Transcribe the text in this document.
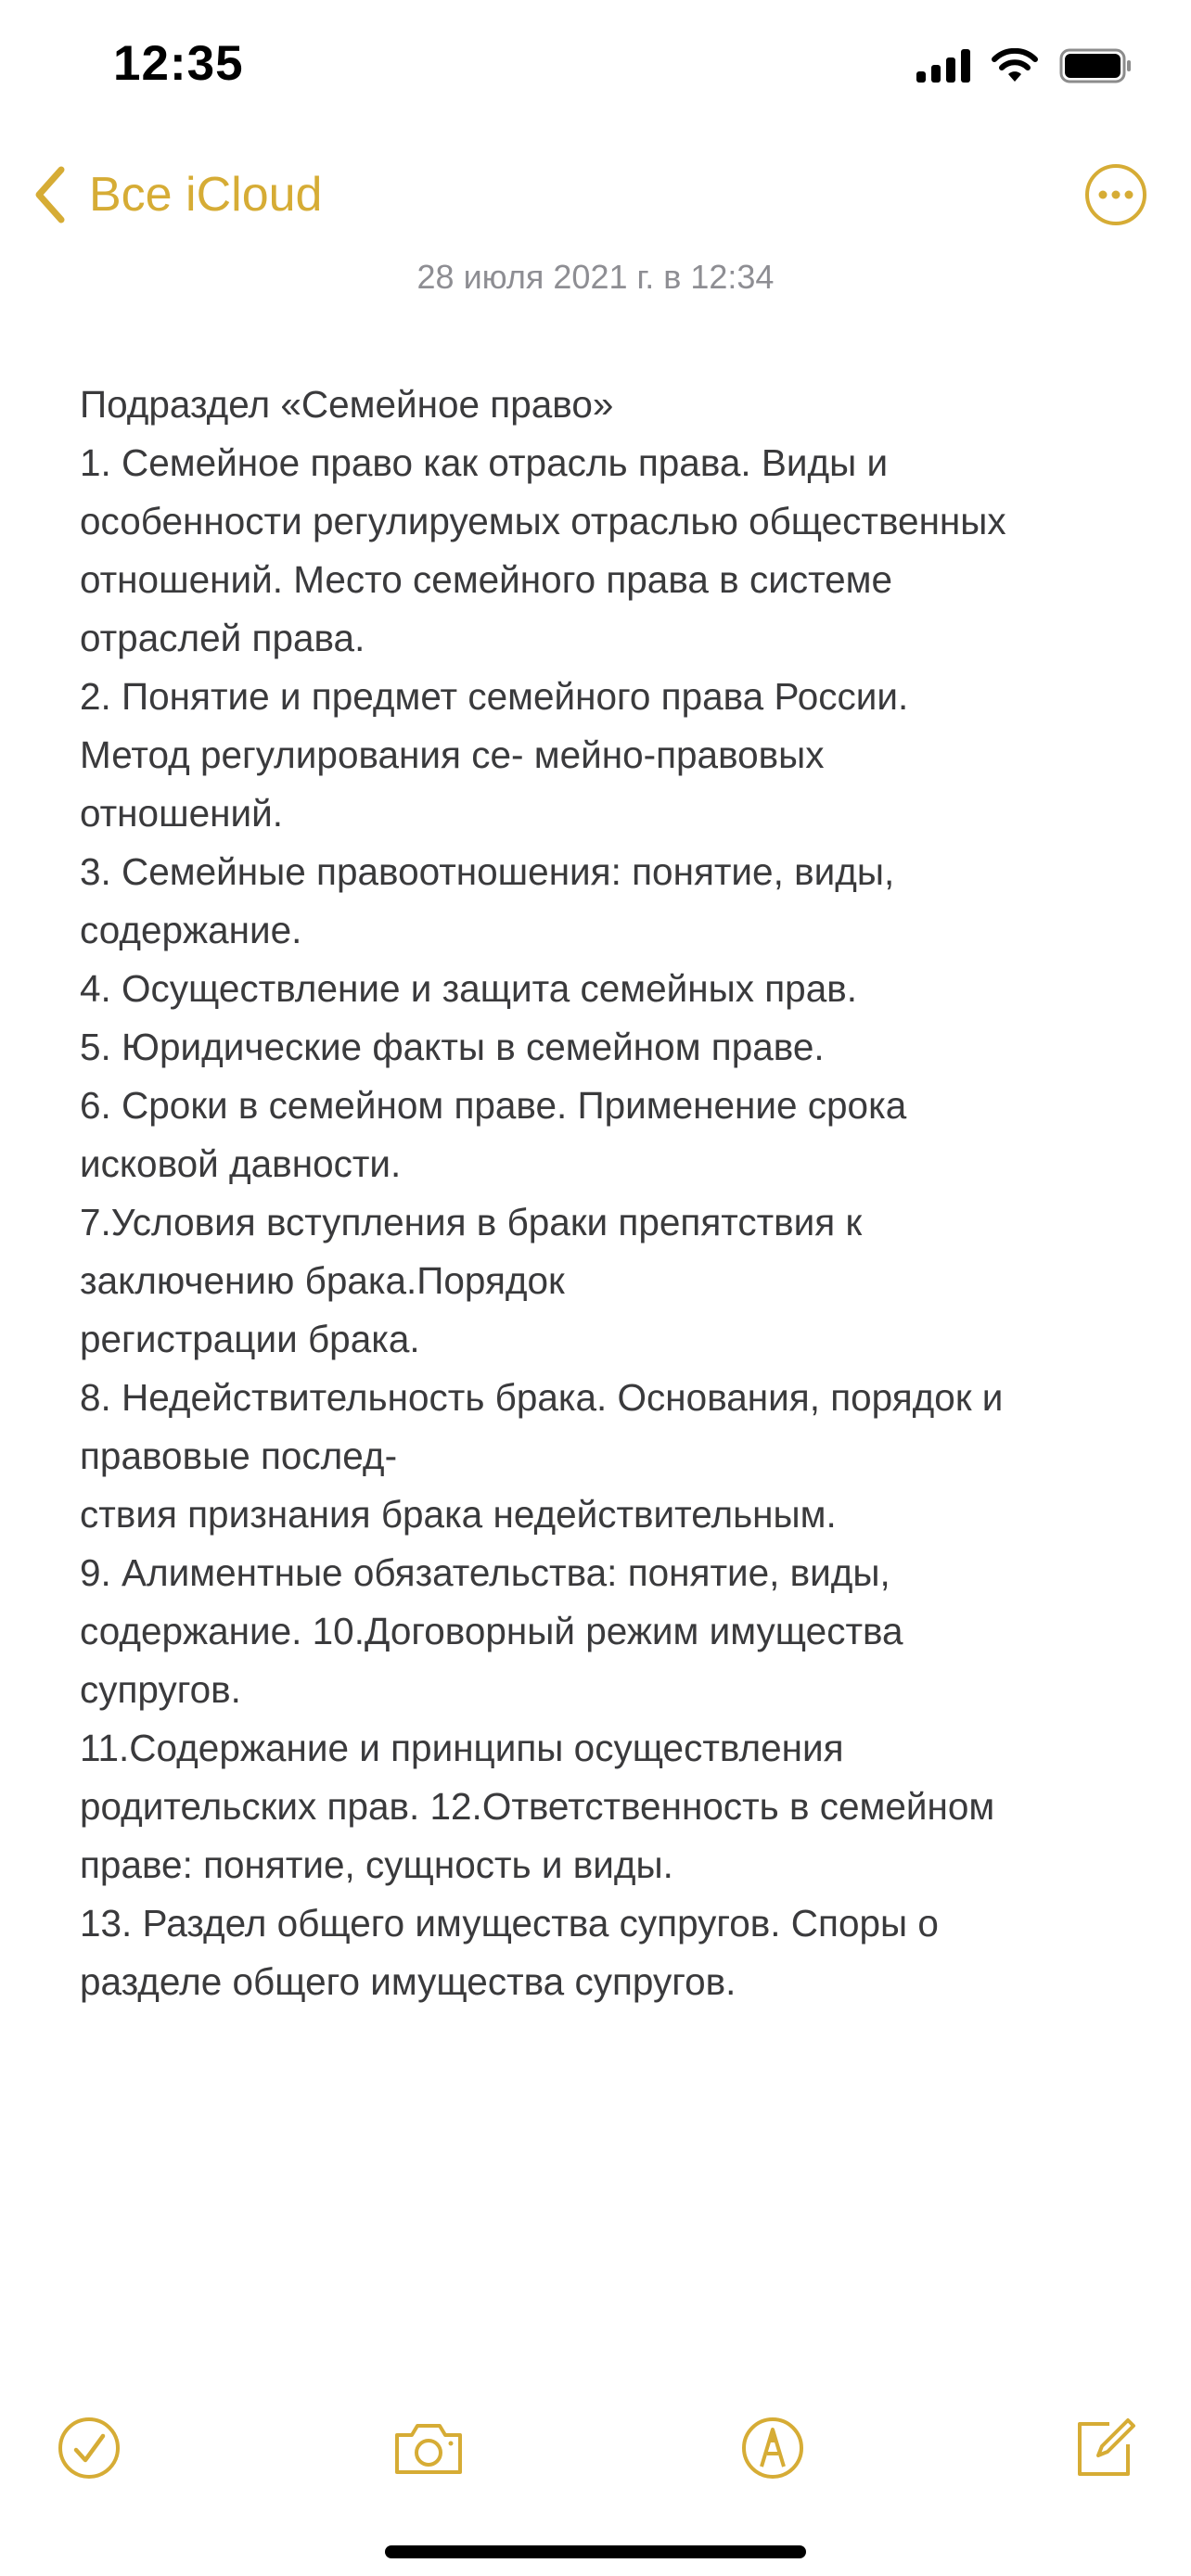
12:35
Все iCloud
28 июля 2021 г. в 12:34
Подраздел «Семейное право»
1. Семейное право как отрасль права. Виды и
особенности регулируемых отраслью общественных
отношений. Место семейного права в системе
отраслей права.
2. Понятие и предмет семейного права России.
Метод регулирования се- мейно-правовых
отношений.
3. Семейные правоотношения: понятие, виды,
содержание.
4. Осуществление и защита семейных прав.
5. Юридические факты в семейном праве.
6. Сроки в семейном праве. Применение срока
исковой давности.
7.Условия вступления в браки препятствия к
заключению брака.Порядок
регистрации брака.
8. Недействительность брака. Основания, порядок и
правовые послед-
ствия признания брака недействительным.
9. Алиментные обязательства: понятие, виды,
содержание. 10.Договорный режим имущества
супругов.
11.Содержание и принципы осуществления
родительских прав. 12.Ответственность в семейном
праве: понятие, сущность и виды.
13. Раздел общего имущества супругов. Споры о
разделе общего имущества супругов.
